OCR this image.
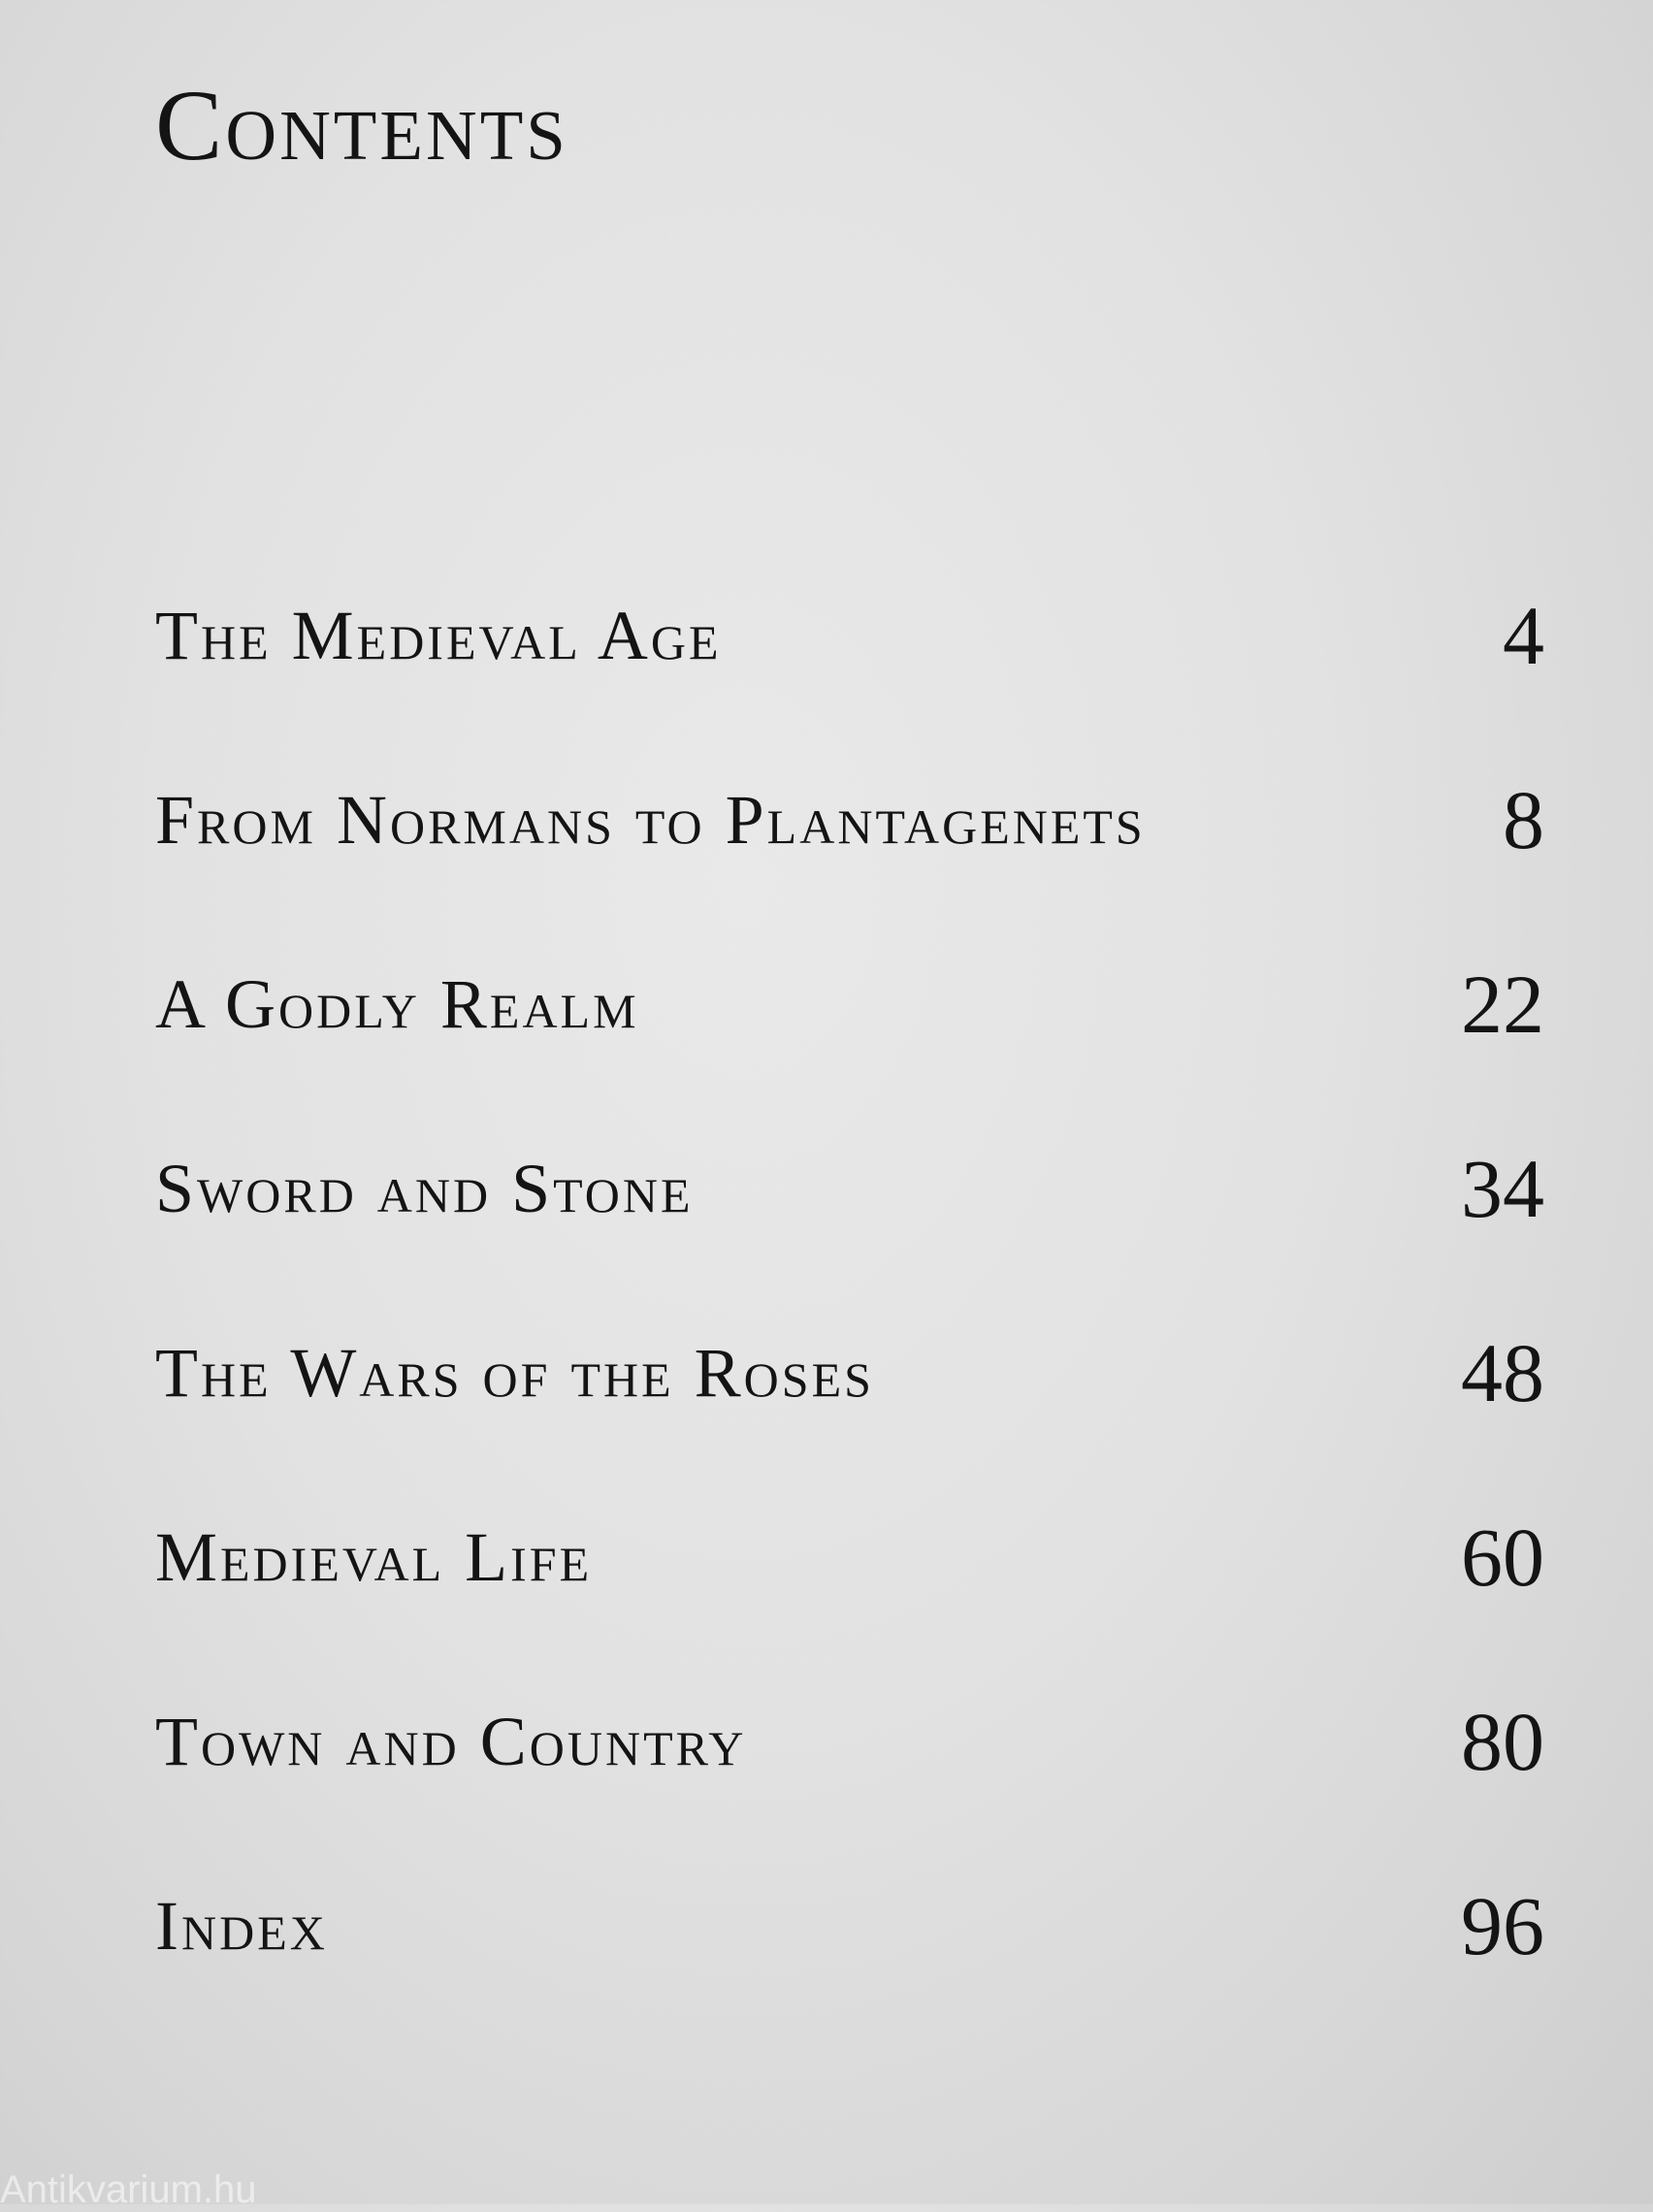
Contents
The Medieval Age	4
From Normans to Plantagenets	8
A Godly Realm	22
Sword and Stone	34
The Wars of the Roses	48
Medieval Life	60
Town and Country	80
Index	96
Antikvarium.hu
